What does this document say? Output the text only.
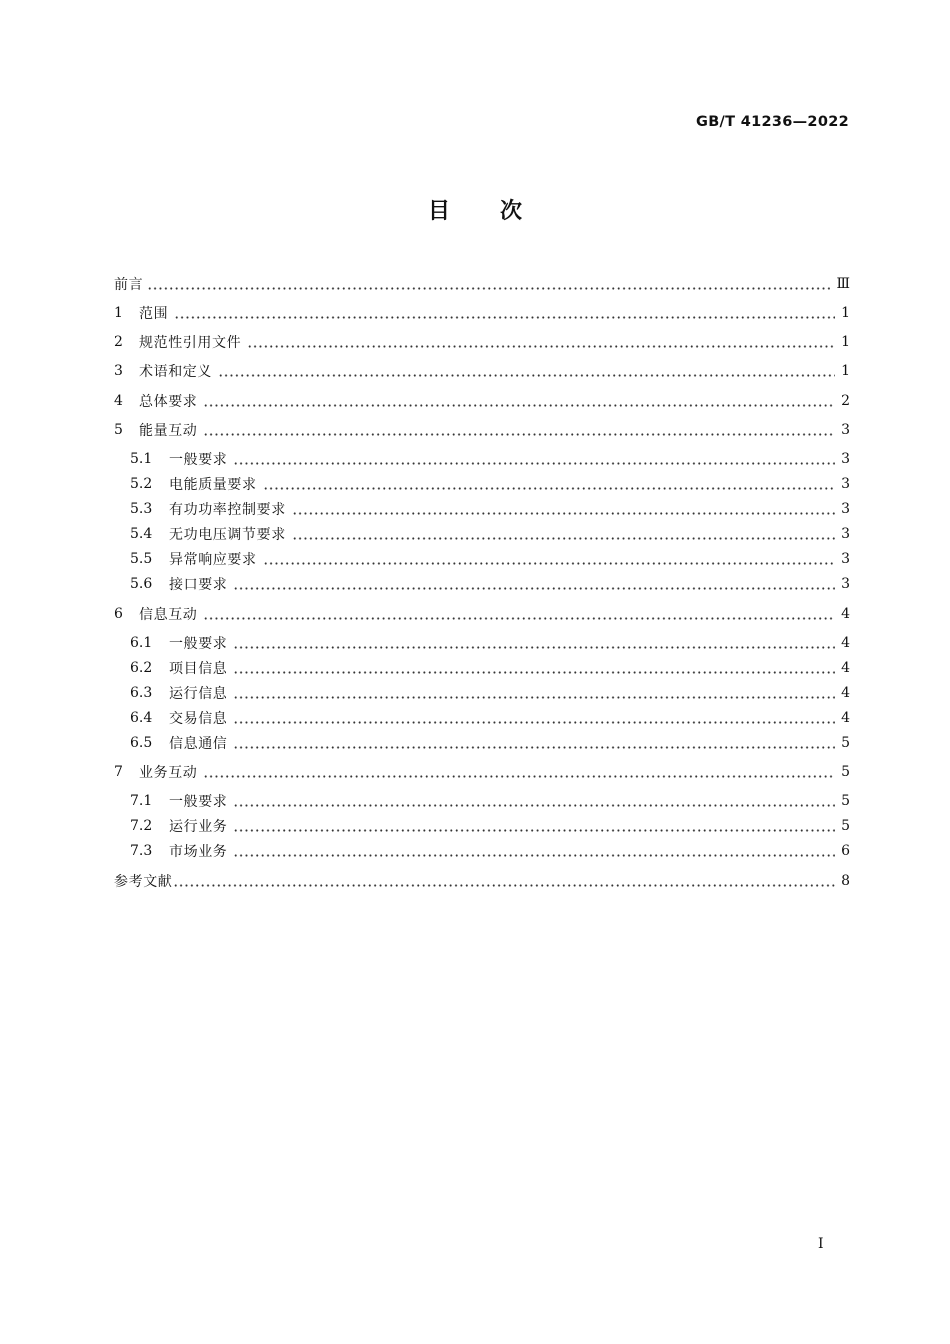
GB/T 41236—2022
目 次
前言	Ⅲ
1	范围	1
2	规范性引用文件	1
3	术语和定义	1
4	总体要求	2
5	能量互动	3
5.1	一般要求	3
5.2	电能质量要求	3
5.3	有功功率控制要求	3
5.4	无功电压调节要求	3
5.5	异常响应要求	3
5.6	接口要求	3
6	信息互动	4
6.1	一般要求	4
6.2	项目信息	4
6.3	运行信息	4
6.4	交易信息	4
6.5	信息通信	5
7	业务互动	5
7.1	一般要求	5
7.2	运行业务	5
7.3	市场业务	6
参考文献	8
Ⅰ
